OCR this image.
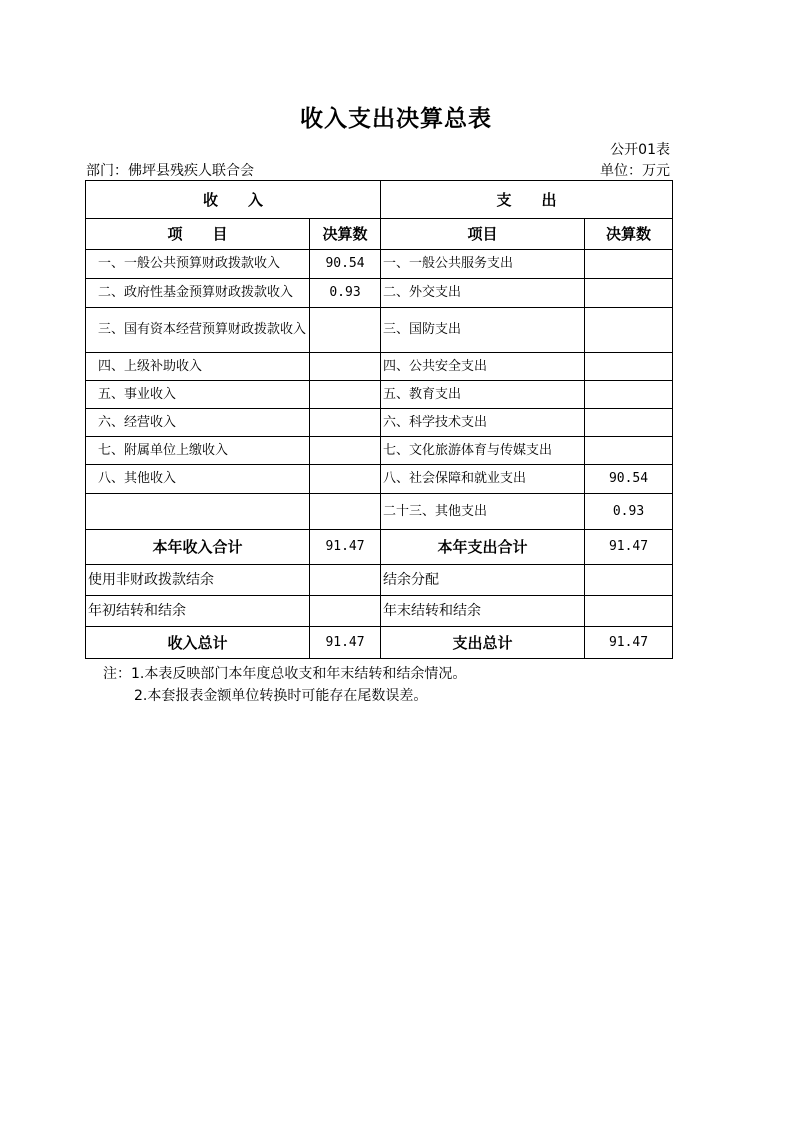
收入支出决算总表
公开01表
部门：佛坪县残疾人联合会	单位：万元
收　　入		支　　出	
项　　目	决算数	项目	决算数
一、一般公共预算财政拨款收入	90.54	一、一般公共服务支出	
二、政府性基金预算财政拨款收入	0.93	二、外交支出	
三、国有资本经营预算财政拨款收入		三、国防支出	
四、上级补助收入		四、公共安全支出	
五、事业收入		五、教育支出	
六、经营收入		六、科学技术支出	
七、附属单位上缴收入		七、文化旅游体育与传媒支出	
八、其他收入		八、社会保障和就业支出	90.54
		二十三、其他支出	0.93
本年收入合计	91.47	本年支出合计	91.47
使用非财政拨款结余		结余分配	
年初结转和结余		年末结转和结余	
收入总计	91.47	支出总计	91.47
注：1.本表反映部门本年度总收支和年末结转和结余情况。
2.本套报表金额单位转换时可能存在尾数误差。
